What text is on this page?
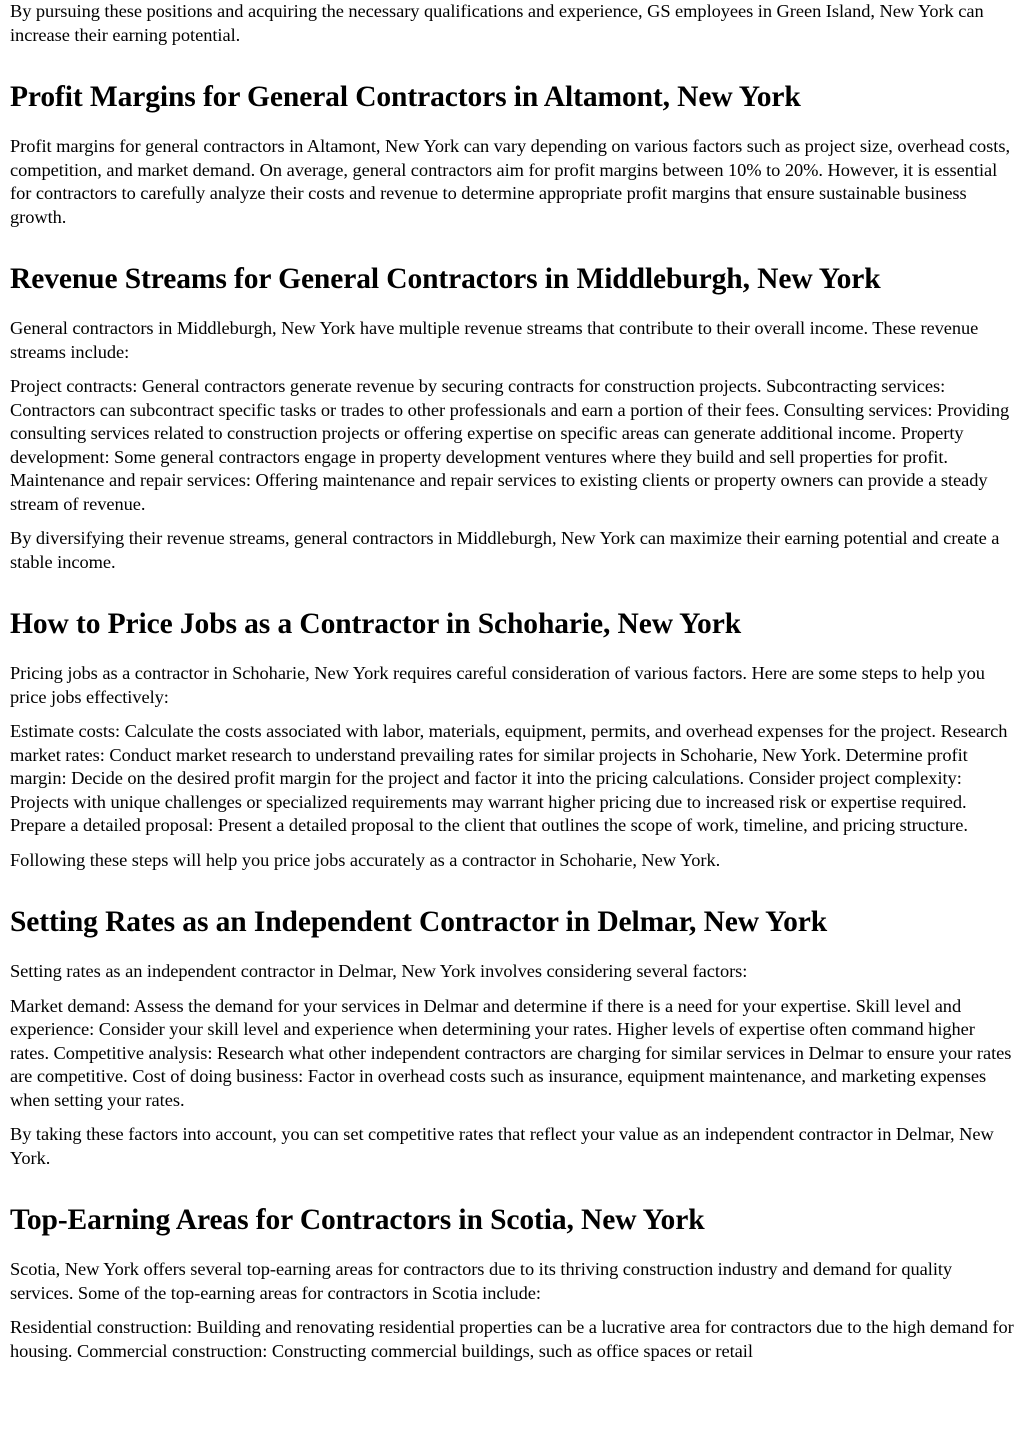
By pursuing these positions and acquiring the necessary qualifications and experience, GS employees in Green Island, New York can increase their earning potential.

Profit Margins for General Contractors in Altamont, New York

Profit margins for general contractors in Altamont, New York can vary depending on various factors such as project size, overhead costs, competition, and market demand. On average, general contractors aim for profit margins between 10% to 20%. However, it is essential for contractors to carefully analyze their costs and revenue to determine appropriate profit margins that ensure sustainable business growth.

Revenue Streams for General Contractors in Middleburgh, New York

General contractors in Middleburgh, New York have multiple revenue streams that contribute to their overall income. These revenue streams include:

Project contracts: General contractors generate revenue by securing contracts for construction projects. Subcontracting services: Contractors can subcontract specific tasks or trades to other professionals and earn a portion of their fees. Consulting services: Providing consulting services related to construction projects or offering expertise on specific areas can generate additional income. Property development: Some general contractors engage in property development ventures where they build and sell properties for profit. Maintenance and repair services: Offering maintenance and repair services to existing clients or property owners can provide a steady stream of revenue.

By diversifying their revenue streams, general contractors in Middleburgh, New York can maximize their earning potential and create a stable income.

How to Price Jobs as a Contractor in Schoharie, New York

Pricing jobs as a contractor in Schoharie, New York requires careful consideration of various factors. Here are some steps to help you price jobs effectively:

Estimate costs: Calculate the costs associated with labor, materials, equipment, permits, and overhead expenses for the project. Research market rates: Conduct market research to understand prevailing rates for similar projects in Schoharie, New York. Determine profit margin: Decide on the desired profit margin for the project and factor it into the pricing calculations. Consider project complexity: Projects with unique challenges or specialized requirements may warrant higher pricing due to increased risk or expertise required. Prepare a detailed proposal: Present a detailed proposal to the client that outlines the scope of work, timeline, and pricing structure.

Following these steps will help you price jobs accurately as a contractor in Schoharie, New York.

Setting Rates as an Independent Contractor in Delmar, New York

Setting rates as an independent contractor in Delmar, New York involves considering several factors:

Market demand: Assess the demand for your services in Delmar and determine if there is a need for your expertise. Skill level and experience: Consider your skill level and experience when determining your rates. Higher levels of expertise often command higher rates. Competitive analysis: Research what other independent contractors are charging for similar services in Delmar to ensure your rates are competitive. Cost of doing business: Factor in overhead costs such as insurance, equipment maintenance, and marketing expenses when setting your rates.

By taking these factors into account, you can set competitive rates that reflect your value as an independent contractor in Delmar, New York.

Top-Earning Areas for Contractors in Scotia, New York

Scotia, New York offers several top-earning areas for contractors due to its thriving construction industry and demand for quality services. Some of the top-earning areas for contractors in Scotia include:

Residential construction: Building and renovating residential properties can be a lucrative area for contractors due to the high demand for housing. Commercial construction: Constructing commercial buildings, such as office spaces or retail
